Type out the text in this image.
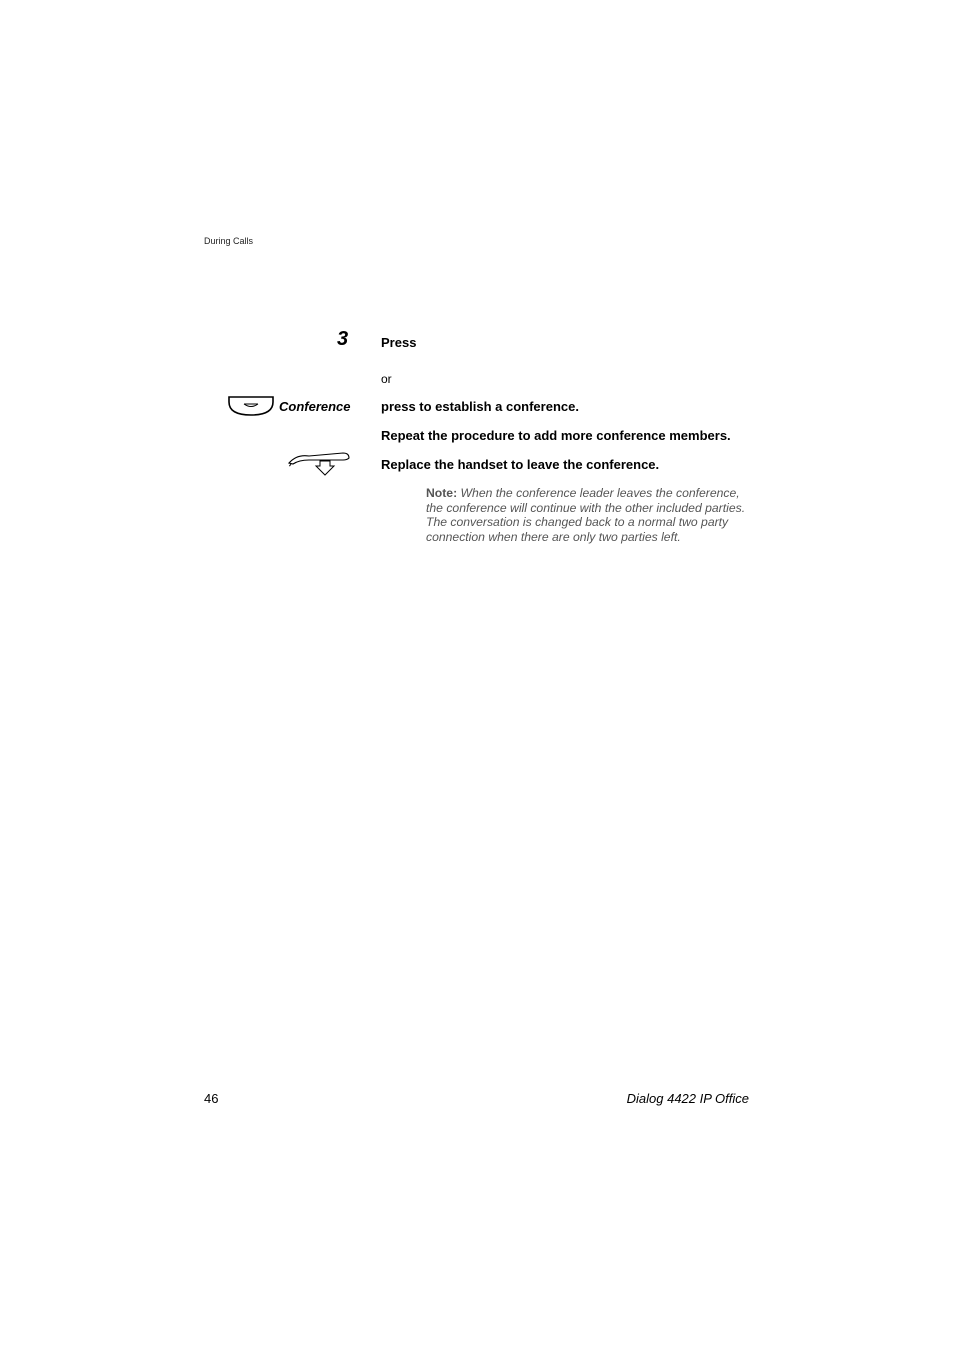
During Calls
3	Press
or
Conference press to establish a conference.
Repeat the procedure to add more conference members.
Replace the handset to leave the conference.
Note: When the conference leader leaves the conference, the conference will continue with the other included parties. The conversation is changed back to a normal two party connection when there are only two parties left.
46	Dialog 4422 IP Office
